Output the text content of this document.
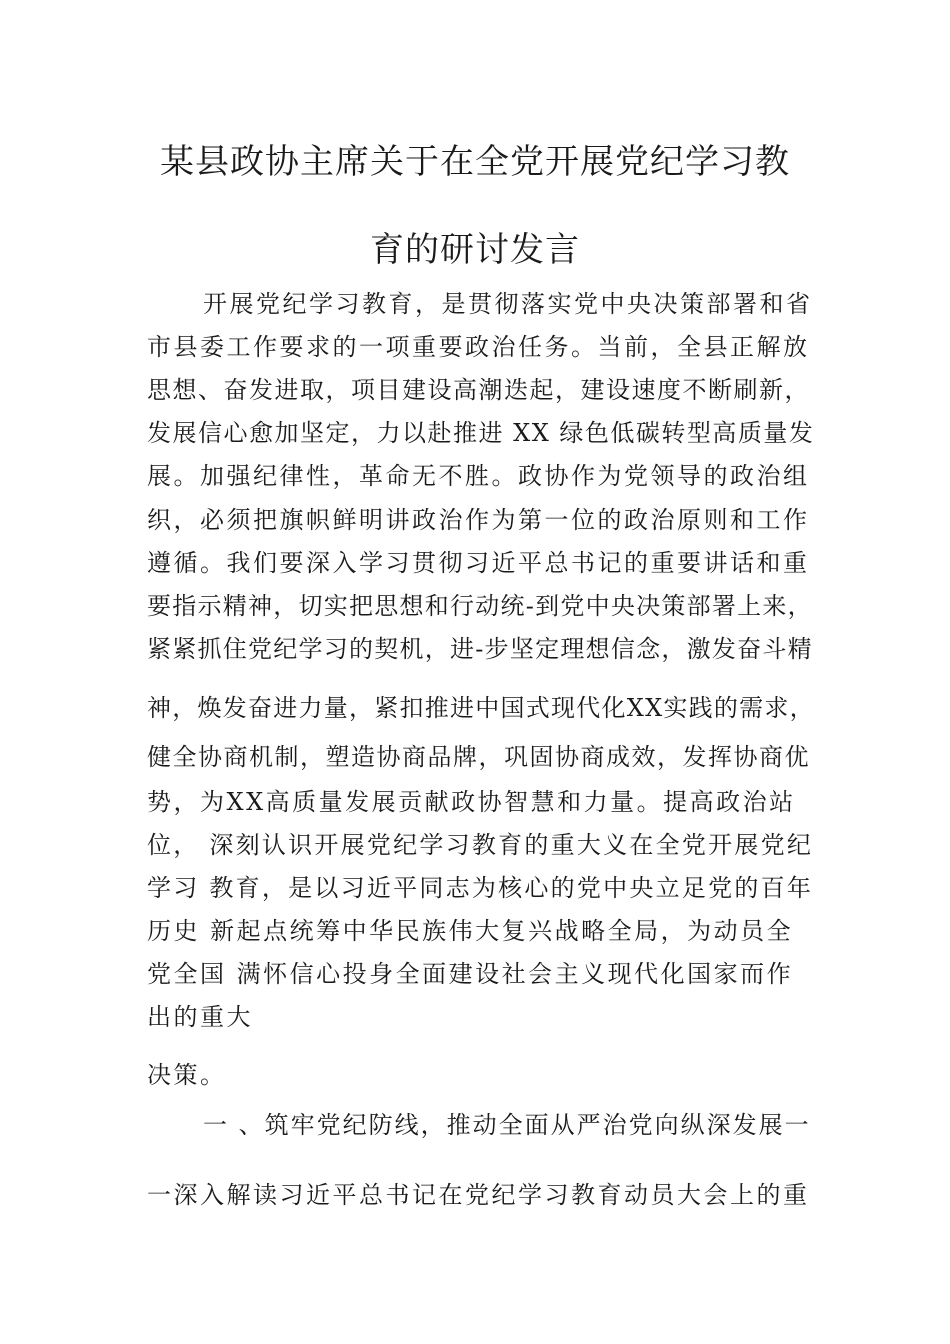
某县政协主席关于在全党开展党纪学习教
育的研讨发言
开展党纪学习教育，是贯彻落实党中央决策部署和省
市县委工作要求的一项重要政治任务。当前，全县正解放
思想、奋发进取，项目建设高潮迭起，建设速度不断刷新，
发展信心愈加坚定，力以赴推进 XX 绿色低碳转型高质量发
展。加强纪律性，革命无不胜。政协作为党领导的政治组
织，必须把旗帜鲜明讲政治作为第一位的政治原则和工作
遵循。我们要深入学习贯彻习近平总书记的重要讲话和重
要指示精神，切实把思想和行动统-到党中央决策部署上来，
紧紧抓住党纪学习的契机，进-步坚定理想信念，激发奋斗精
神，焕发奋进力量，紧扣推进中国式现代化XX实践的需求，
健全协商机制，塑造协商品牌，巩固协商成效，发挥协商优
势，为XX高质量发展贡献政协智慧和力量。提高政治站
位， 深刻认识开展党纪学习教育的重大义在全党开展党纪
学习 教育，是以习近平同志为核心的党中央立足党的百年
历史 新起点统筹中华民族伟大复兴战略全局，为动员全
党全国 满怀信心投身全面建设社会主义现代化国家而作
出的重大
决策。
一 、筑牢党纪防线，推动全面从严治党向纵深发展一
一深入解读习近平总书记在党纪学习教育动员大会上的重
